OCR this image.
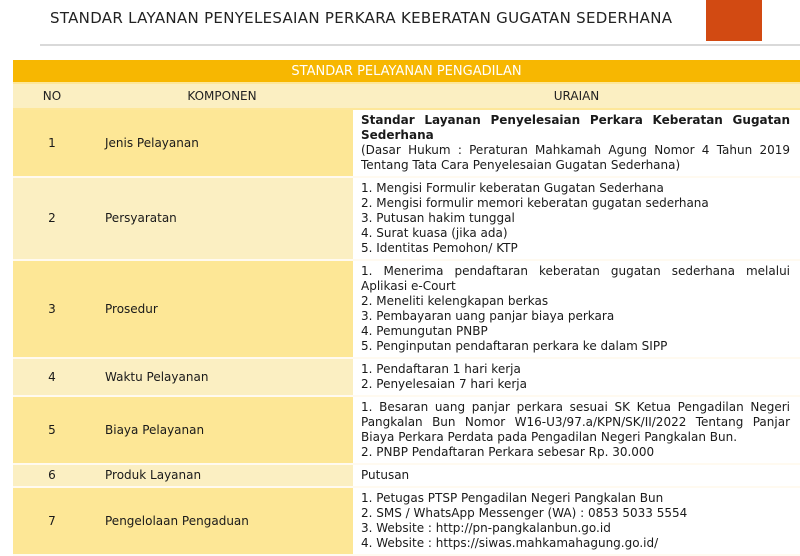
STANDAR LAYANAN PENYELESAIAN PERKARA KEBERATAN GUGATAN SEDERHANA
STANDAR PELAYANAN PENGADILAN		
NO	KOMPONEN	URAIAN
1	Jenis Pelayanan	Standar Layanan Penyelesaian Perkara Keberatan Gugatan Sederhana
(Dasar Hukum : Peraturan Mahkamah Agung Nomor 4 Tahun 2019 Tentang Tata Cara Penyelesaian Gugatan Sederhana)

2	Persyaratan	1. Mengisi Formulir keberatan Gugatan Sederhana
2. Mengisi formulir memori keberatan gugatan sederhana
3. Putusan hakim tunggal
4. Surat kuasa (jika ada)
5. Identitas Pemohon/ KTP

3	Prosedur	1. Menerima pendaftaran keberatan gugatan sederhana melalui Aplikasi e-Court
2. Meneliti kelengkapan berkas
3. Pembayaran uang panjar biaya perkara
4. Pemungutan PNBP
5. Penginputan pendaftaran perkara ke dalam SIPP

4	Waktu Pelayanan	1. Pendaftaran 1 hari kerja
2. Penyelesaian 7 hari kerja

5	Biaya Pelayanan	1. Besaran uang panjar perkara sesuai SK Ketua Pengadilan Negeri Pangkalan Bun Nomor W16-U3/97.a/KPN/SK/II/2022 Tentang Panjar Biaya Perkara Perdata pada Pengadilan Negeri Pangkalan Bun.
2. PNBP Pendaftaran Perkara sebesar Rp. 30.000

6	Produk Layanan	Putusan

7	Pengelolaan Pengaduan	1. Petugas PTSP Pengadilan Negeri Pangkalan Bun
2. SMS / WhatsApp Messenger (WA) : 0853 5033 5554
3. Website : http://pn-pangkalanbun.go.id
4. Website : https://siwas.mahkamahagung.go.id/
